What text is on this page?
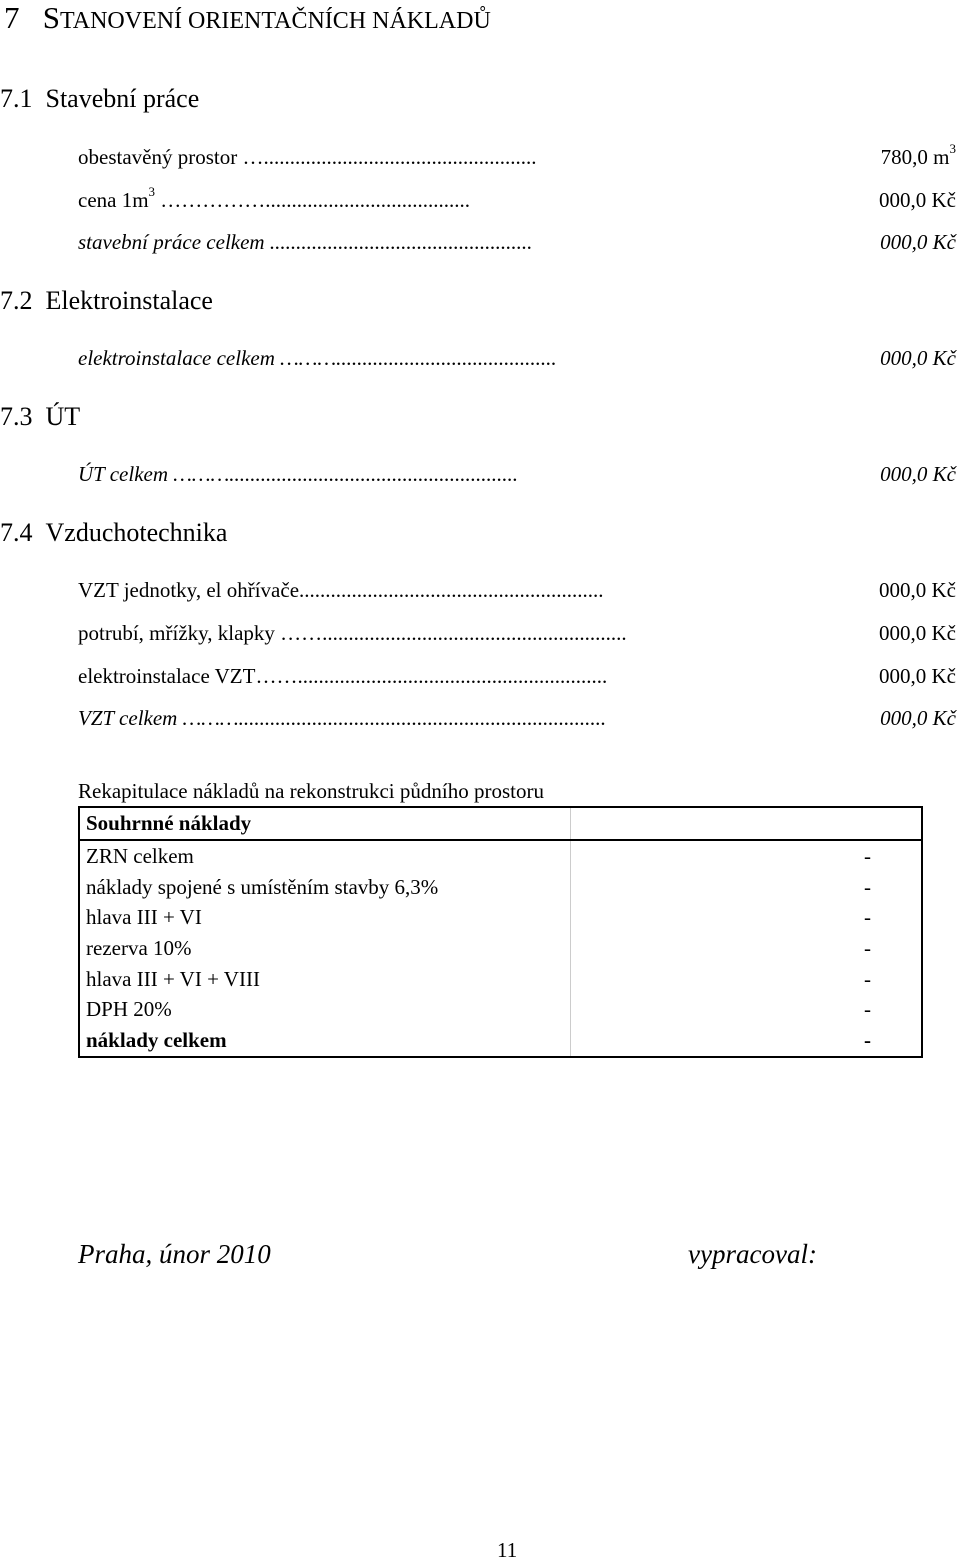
7 STANOVENÍ ORIENTAČNÍCH NÁKLADŮ
7.1 Stavební práce
obestavěný prostor …....................................................	780,0 $m^3$
cena $1m^3$ …………….......................................	000,0 Kč
stavební práce celkem ..................................................	000,0 Kč
7.2 Elektroinstalace
elektroinstalace celkem ………..........................................	000,0 Kč
7.3 ÚT
ÚT celkem ……….......................................................	000,0 Kč
7.4 Vzduchotechnika
VZT jednotky, el ohřívače..........................................................	000,0 Kč
potrubí, mřížky, klapky ……..........................................................	000,0 Kč
elektroinstalace VZT……...........................................................	000,0 Kč
VZT celkem ………......................................................................	000,0 Kč
Rekapitulace nákladů na rekonstrukci půdního prostoru
Souhrnné náklady	
ZRN celkem	-
náklady spojené s umístěním stavby 6,3%	-
hlava III + VI	-
rezerva 10%	-
hlava III + VI + VIII	-
DPH 20%	-
náklady celkem	-
Praha, únor 2010	vypracoval:
11
